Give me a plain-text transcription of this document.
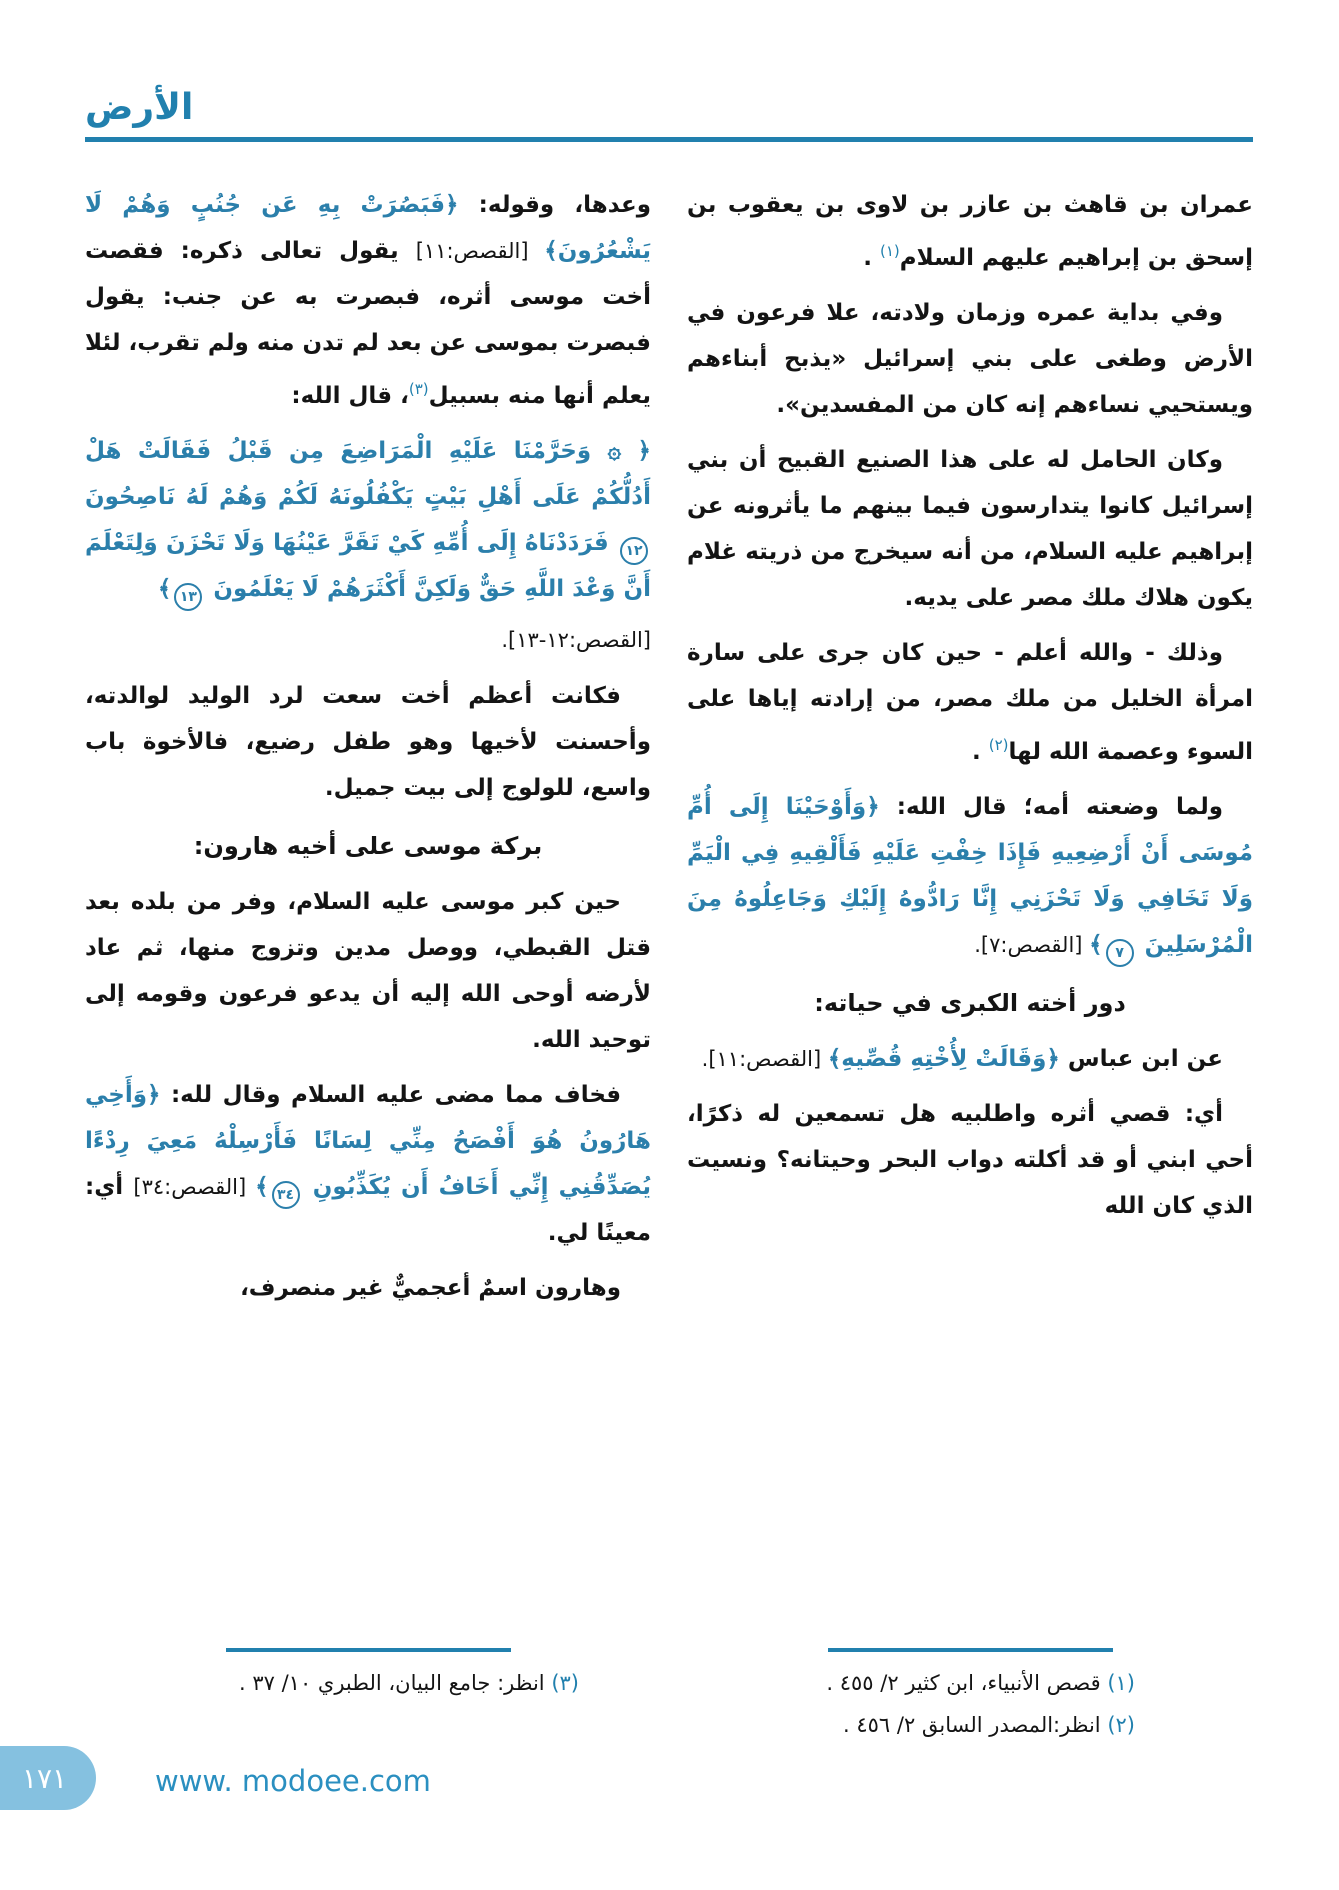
الأرض

عمران بن قاهث بن عازر بن لاوى بن يعقوب بن إسحق بن إبراهيم عليهم السلام$^{(١)}$ .

وفي بداية عمره وزمان ولادته، علا فرعون في الأرض وطغى على بني إسرائيل «يذبح أبناءهم ويستحيي نساءهم إنه كان من المفسدين».

وكان الحامل له على هذا الصنيع القبيح أن بني إسرائيل كانوا يتدارسون فيما بينهم ما يأثرونه عن إبراهيم عليه السلام، من أنه سيخرج من ذريته غلام يكون هلاك ملك مصر على يديه.

وذلك - والله أعلم - حين كان جرى على سارة امرأة الخليل من ملك مصر، من إرادته إياها على السوء وعصمة الله لها$^{(٢)}$ .

ولما وضعته أمه؛ قال الله: ﴿وَأَوْحَيْنَا إِلَى أُمِّ مُوسَى أَنْ أَرْضِعِيهِ فَإِذَا خِفْتِ عَلَيْهِ فَأَلْقِيهِ فِي الْيَمِّ وَلَا تَخَافِي وَلَا تَحْزَنِي إِنَّا رَادُّوهُ إِلَيْكِ وَجَاعِلُوهُ مِنَ الْمُرْسَلِينَ ٧﴾ [القصص:٧].

دور أخته الكبرى في حياته:

عن ابن عباس ﴿وَقَالَتْ لِأُخْتِهِ قُصِّيهِ﴾ [القصص:١١].

أي: قصي أثره واطلبيه هل تسمعين له ذكرًا، أحي ابني أو قد أكلته دواب البحر وحيتانه؟ ونسيت الذي كان الله

(١) قصص الأنبياء، ابن كثير ٢/ ٤٥٥ .

(٢) انظر:المصدر السابق ٢/ ٤٥٦ .

وعدها، وقوله: ﴿فَبَصُرَتْ بِهِ عَن جُنُبٍ وَهُمْ لَا يَشْعُرُونَ﴾ [القصص:١١] يقول تعالى ذكره: فقصت أخت موسى أثره، فبصرت به عن جنب: يقول فبصرت بموسى عن بعد لم تدن منه ولم تقرب، لئلا يعلم أنها منه بسبيل$^{(٣)}$، قال الله:

﴿ ۞ وَحَرَّمْنَا عَلَيْهِ الْمَرَاضِعَ مِن قَبْلُ فَقَالَتْ هَلْ أَدُلُّكُمْ عَلَى أَهْلِ بَيْتٍ يَكْفُلُونَهُ لَكُمْ وَهُمْ لَهُ نَاصِحُونَ ١٢ فَرَدَدْنَاهُ إِلَى أُمِّهِ كَيْ تَقَرَّ عَيْنُهَا وَلَا تَحْزَنَ وَلِتَعْلَمَ أَنَّ وَعْدَ اللَّهِ حَقٌّ وَلَكِنَّ أَكْثَرَهُمْ لَا يَعْلَمُونَ ١٣﴾

[القصص:١٢-١٣].

فكانت أعظم أخت سعت لرد الوليد لوالدته، وأحسنت لأخيها وهو طفل رضيع، فالأخوة باب واسع، للولوج إلى بيت جميل.

بركة موسى على أخيه هارون:

حين كبر موسى عليه السلام، وفر من بلده بعد قتل القبطي، ووصل مدين وتزوج منها، ثم عاد لأرضه أوحى الله إليه أن يدعو فرعون وقومه إلى توحيد الله.

فخاف مما مضى عليه السلام وقال لله: ﴿وَأَخِي هَارُونُ هُوَ أَفْصَحُ مِنِّي لِسَانًا فَأَرْسِلْهُ مَعِيَ رِدْءًا يُصَدِّقُنِي إِنِّي أَخَافُ أَن يُكَذِّبُونِ ٣٤﴾ [القصص:٣٤] أي: معينًا لي.

وهارون اسمٌ أعجميٌّ غير منصرف،

(٣) انظر: جامع البيان، الطبري ١٠/ ٣٧ .

١٧١	www. modoee.com
